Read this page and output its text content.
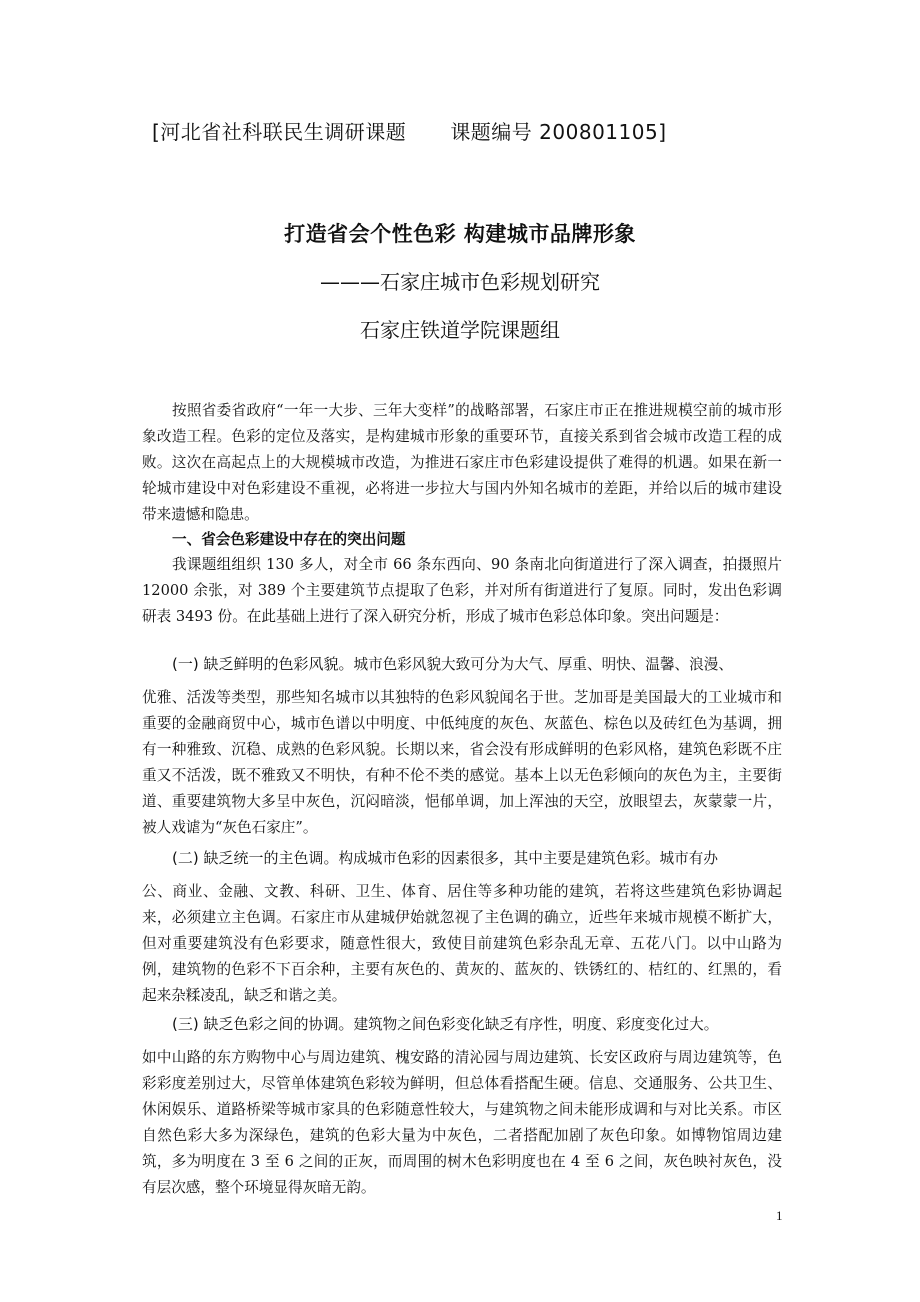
[河北省社科联民生调研课题 课题编号 200801105]
打造省会个性色彩 构建城市品牌形象
———石家庄城市色彩规划研究
石家庄铁道学院课题组

按照省委省政府“一年一大步、三年大变样”的战略部署，石家庄市正在推进规模空前的城市形象改造工程。色彩的定位及落实，是构建城市形象的重要环节，直接关系到省会城市改造工程的成败。这次在高起点上的大规模城市改造，为推进石家庄市色彩建设提供了难得的机遇。如果在新一轮城市建设中对色彩建设不重视，必将进一步拉大与国内外知名城市的差距，并给以后的城市建设带来遗憾和隐患。

一、省会色彩建设中存在的突出问题

我课题组组织 130 多人，对全市 66 条东西向、90 条南北向街道进行了深入调查，拍摄照片 12000 余张，对 389 个主要建筑节点提取了色彩，并对所有街道进行了复原。同时，发出色彩调研表 3493 份。在此基础上进行了深入研究分析，形成了城市色彩总体印象。突出问题是：

(一) 缺乏鲜明的色彩风貌。城市色彩风貌大致可分为大气、厚重、明快、温馨、浪漫、

优雅、活泼等类型，那些知名城市以其独特的色彩风貌闻名于世。芝加哥是美国最大的工业城市和重要的金融商贸中心，城市色谱以中明度、中低纯度的灰色、灰蓝色、棕色以及砖红色为基调，拥有一种雅致、沉稳、成熟的色彩风貌。长期以来，省会没有形成鲜明的色彩风格，建筑色彩既不庄重又不活泼，既不雅致又不明快，有种不伦不类的感觉。基本上以无色彩倾向的灰色为主，主要街道、重要建筑物大多呈中灰色，沉闷暗淡，悒郁单调，加上浑浊的天空，放眼望去，灰蒙蒙一片，被人戏谑为“灰色石家庄”。

(二) 缺乏统一的主色调。构成城市色彩的因素很多，其中主要是建筑色彩。城市有办

公、商业、金融、文教、科研、卫生、体育、居住等多种功能的建筑，若将这些建筑色彩协调起来，必须建立主色调。石家庄市从建城伊始就忽视了主色调的确立，近些年来城市规模不断扩大，但对重要建筑没有色彩要求，随意性很大，致使目前建筑色彩杂乱无章、五花八门。以中山路为例，建筑物的色彩不下百余种，主要有灰色的、黄灰的、蓝灰的、铁锈红的、桔红的、红黑的，看起来杂糅凌乱，缺乏和谐之美。

(三) 缺乏色彩之间的协调。建筑物之间色彩变化缺乏有序性，明度、彩度变化过大。

如中山路的东方购物中心与周边建筑、槐安路的清沁园与周边建筑、长安区政府与周边建筑等，色彩彩度差别过大，尽管单体建筑色彩较为鲜明，但总体看搭配生硬。信息、交通服务、公共卫生、休闲娱乐、道路桥梁等城市家具的色彩随意性较大，与建筑物之间未能形成调和与对比关系。市区自然色彩大多为深绿色，建筑的色彩大量为中灰色，二者搭配加剧了灰色印象。如博物馆周边建筑，多为明度在 3 至 6 之间的正灰，而周围的树木色彩明度也在 4 至 6 之间，灰色映衬灰色，没有层次感，整个环境显得灰暗无韵。

1
